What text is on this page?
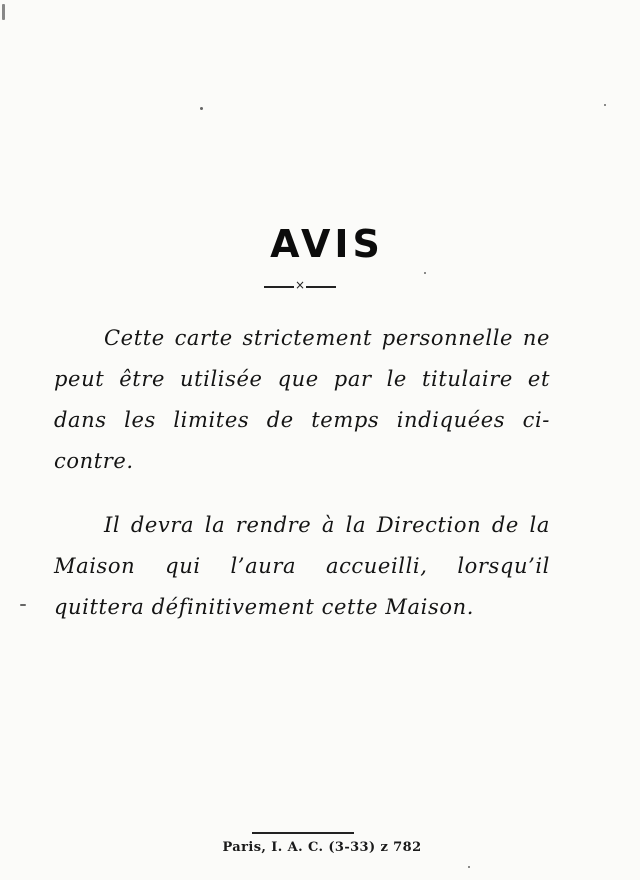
AVIS
×

Cette carte strictement personnelle ne peut être utilisée que par le titulaire et dans les limites de temps indiquées ci-contre.

Il devra la rendre à la Direction de la Maison qui l’aura accueilli, lorsqu’il quittera définitivement cette Maison.

Paris, I. A. C. (3-33) z 782
